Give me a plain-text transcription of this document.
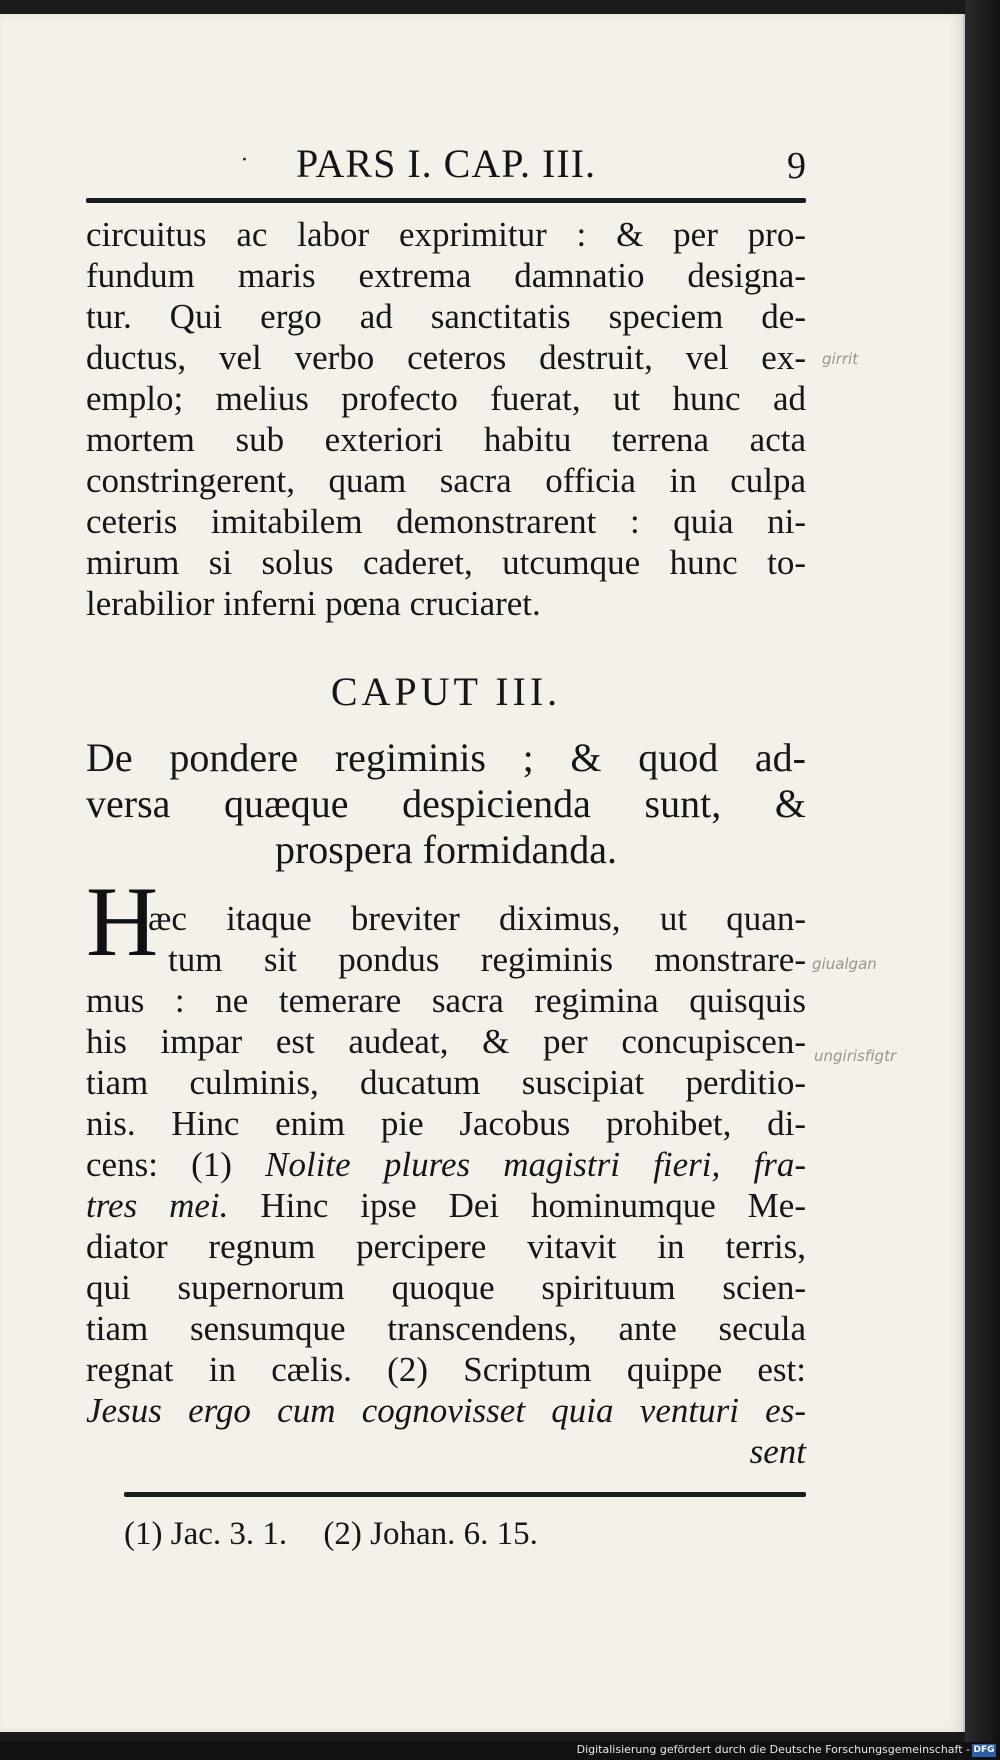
·	PARS I. CAP. III.	9
circuitus ac labor exprimitur : & per pro-
fundum maris extrema damnatio designa-
tur. Qui ergo ad sanctitatis speciem de-
ductus, vel verbo ceteros destruit, vel ex-
emplo; melius profecto fuerat, ut hunc ad
mortem sub exteriori habitu terrena acta
constringerent, quam sacra officia in culpa
ceteris imitabilem demonstrarent : quia ni-
mirum si solus caderet, utcumque hunc to-
lerabilior inferni pœna cruciaret.
girrit
CAPUT III.
De pondere regiminis ; & quod ad-
versa quæque despicienda sunt, &
prospera formidanda.
H
æc itaque breviter diximus, ut quan-
tum sit pondus regiminis monstrare-
mus : ne temerare sacra regimina quisquis
his impar est audeat, & per concupiscen-
tiam culminis, ducatum suscipiat perditio-
nis. Hinc enim pie Jacobus prohibet, di-
cens: (1) Nolite plures magistri fieri, fra-
tres mei. Hinc ipse Dei hominumque Me-
diator regnum percipere vitavit in terris,
qui supernorum quoque spirituum scien-
tiam sensumque transcendens, ante secula
regnat in cælis. (2) Scriptum quippe est:
Jesus ergo cum cognovisset quia venturi es-
sent
giualgan
ungirisfigtr
(1) Jac. 3. 1. (2) Johan. 6. 15.
Digitalisierung gefördert durch die Deutsche Forschungsgemeinschaft - DFG
